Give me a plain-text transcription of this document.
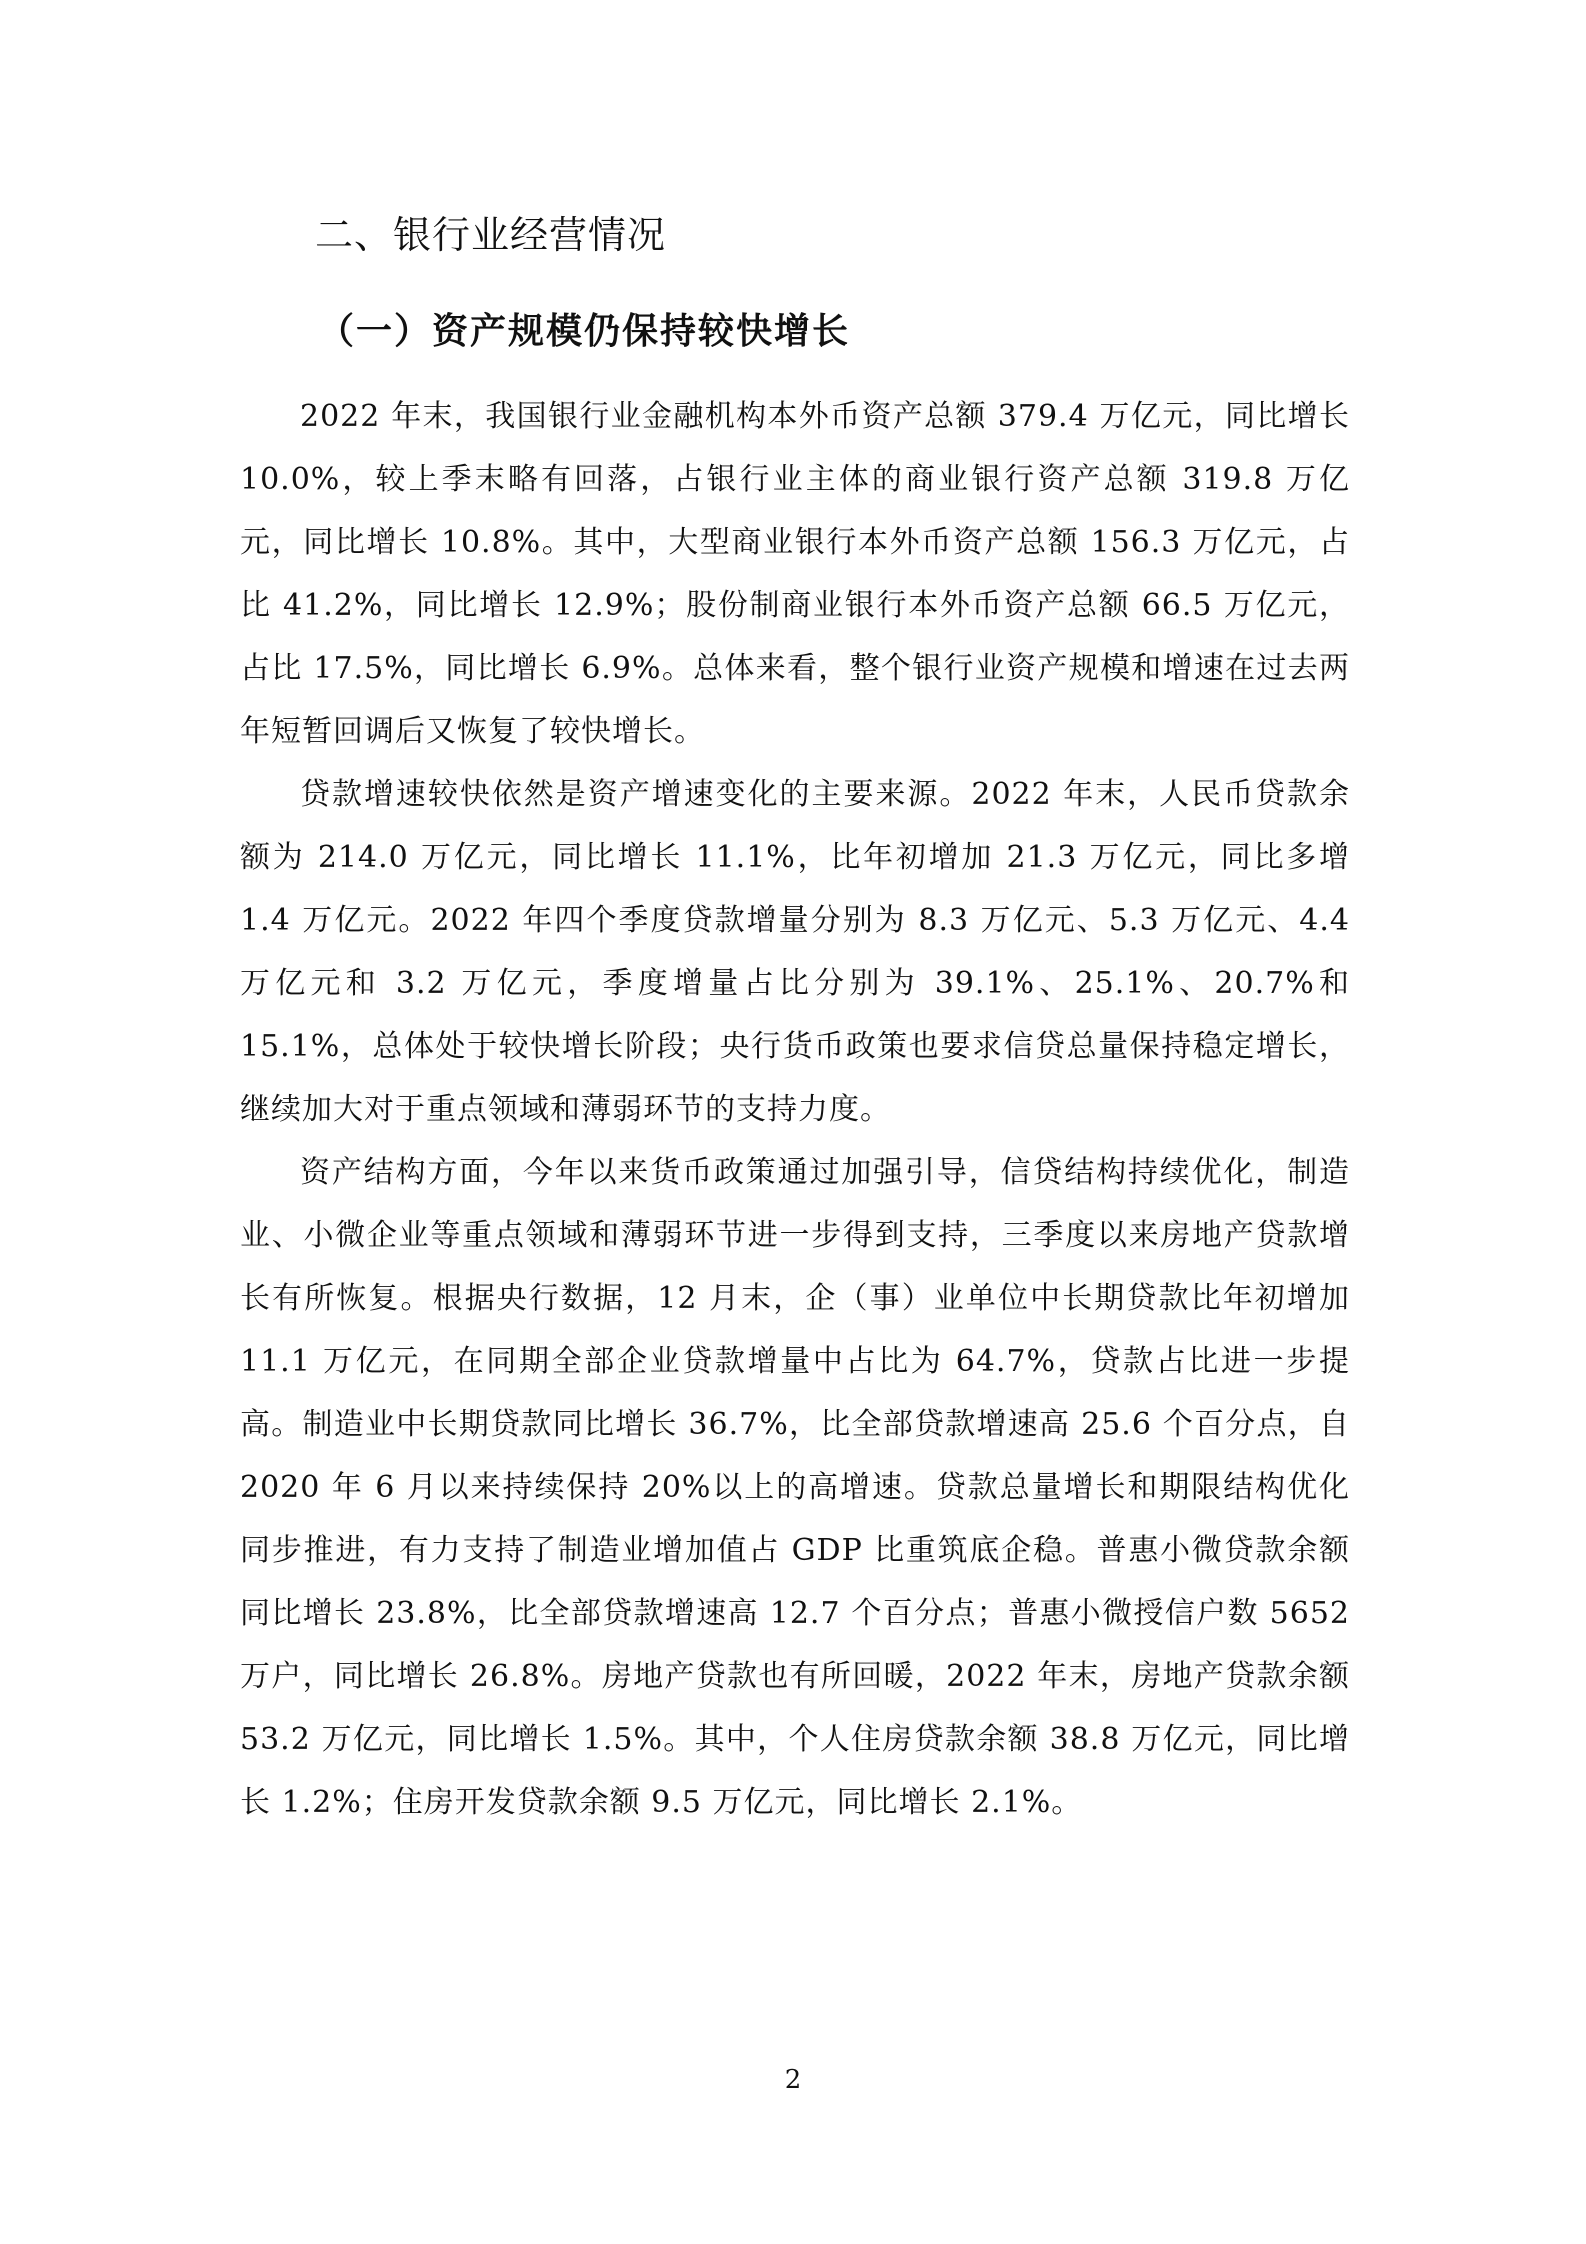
二、银行业经营情况
（一）资产规模仍保持较快增长

2022 年末，我国银行业金融机构本外币资产总额 379.4 万亿元，同比增长 10.0%，较上季末略有回落，占银行业主体的商业银行资产总额 319.8 万亿元，同比增长 10.8%。其中，大型商业银行本外币资产总额 156.3 万亿元，占比 41.2%，同比增长 12.9%；股份制商业银行本外币资产总额 66.5 万亿元，占比 17.5%，同比增长 6.9%。总体来看，整个银行业资产规模和增速在过去两年短暂回调后又恢复了较快增长。

贷款增速较快依然是资产增速变化的主要来源。2022 年末，人民币贷款余额为 214.0 万亿元，同比增长 11.1%，比年初增加 21.3 万亿元，同比多增 1.4 万亿元。2022 年四个季度贷款增量分别为 8.3 万亿元、5.3 万亿元、4.4 万亿元和 3.2 万亿元，季度增量占比分别为 39.1%、25.1%、20.7%和 15.1%，总体处于较快增长阶段；央行货币政策也要求信贷总量保持稳定增长，继续加大对于重点领域和薄弱环节的支持力度。

资产结构方面，今年以来货币政策通过加强引导，信贷结构持续优化，制造业、小微企业等重点领域和薄弱环节进一步得到支持，三季度以来房地产贷款增长有所恢复。根据央行数据，12 月末，企（事）业单位中长期贷款比年初增加 11.1 万亿元，在同期全部企业贷款增量中占比为 64.7%，贷款占比进一步提高。制造业中长期贷款同比增长 36.7%，比全部贷款增速高 25.6 个百分点，自 2020 年 6 月以来持续保持 20%以上的高增速。贷款总量增长和期限结构优化同步推进，有力支持了制造业增加值占 GDP 比重筑底企稳。普惠小微贷款余额同比增长 23.8%，比全部贷款增速高 12.7 个百分点；普惠小微授信户数 5652 万户，同比增长 26.8%。房地产贷款也有所回暖，2022 年末，房地产贷款余额 53.2 万亿元，同比增长 1.5%。其中，个人住房贷款余额 38.8 万亿元，同比增长 1.2%；住房开发贷款余额 9.5 万亿元，同比增长 2.1%。

2
